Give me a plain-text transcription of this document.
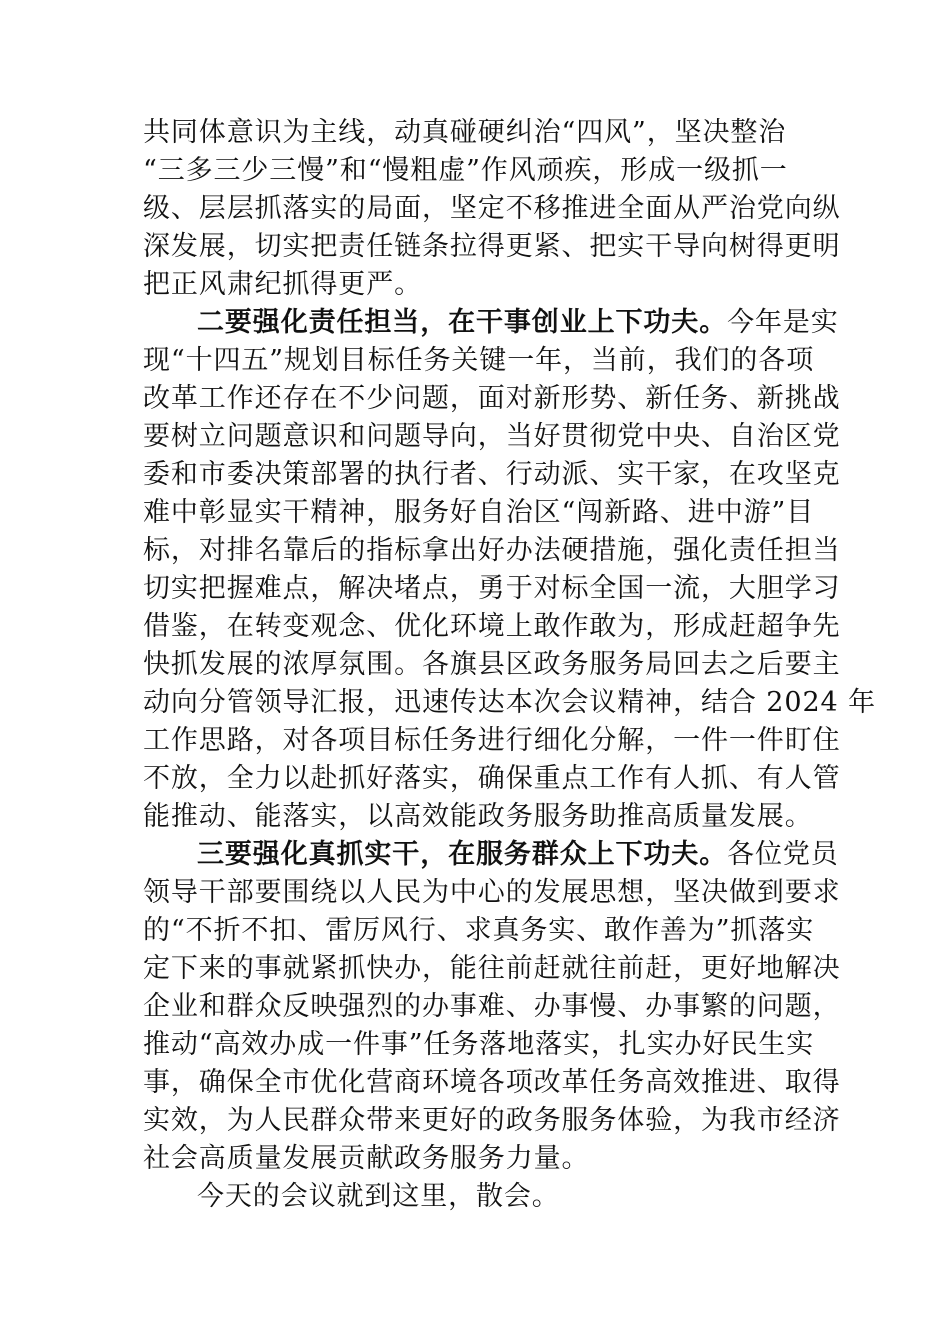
共同体意识为主线，动真碰硬纠治“四风”，坚决整治
“三多三少三慢”和“慢粗虚”作风顽疾，形成一级抓一
级、层层抓落实的局面，坚定不移推进全面从严治党向纵
深发展，切实把责任链条拉得更紧、把实干导向树得更明
把正风肃纪抓得更严。
二要强化责任担当，在干事创业上下功夫。今年是实
现“十四五”规划目标任务关键一年，当前，我们的各项
改革工作还存在不少问题，面对新形势、新任务、新挑战
要树立问题意识和问题导向，当好贯彻党中央、自治区党
委和市委决策部署的执行者、行动派、实干家，在攻坚克
难中彰显实干精神，服务好自治区“闯新路、进中游”目
标，对排名靠后的指标拿出好办法硬措施，强化责任担当
切实把握难点，解决堵点，勇于对标全国一流，大胆学习
借鉴，在转变观念、优化环境上敢作敢为，形成赶超争先
快抓发展的浓厚氛围。各旗县区政务服务局回去之后要主
动向分管领导汇报，迅速传达本次会议精神，结合 2024 年
工作思路，对各项目标任务进行细化分解，一件一件盯住
不放，全力以赴抓好落实，确保重点工作有人抓、有人管
能推动、能落实，以高效能政务服务助推高质量发展。
三要强化真抓实干，在服务群众上下功夫。各位党员
领导干部要围绕以人民为中心的发展思想，坚决做到要求
的“不折不扣、雷厉风行、求真务实、敢作善为”抓落实
定下来的事就紧抓快办，能往前赶就往前赶，更好地解决
企业和群众反映强烈的办事难、办事慢、办事繁的问题，
推动“高效办成一件事”任务落地落实，扎实办好民生实
事，确保全市优化营商环境各项改革任务高效推进、取得
实效，为人民群众带来更好的政务服务体验，为我市经济
社会高质量发展贡献政务服务力量。
今天的会议就到这里，散会。
